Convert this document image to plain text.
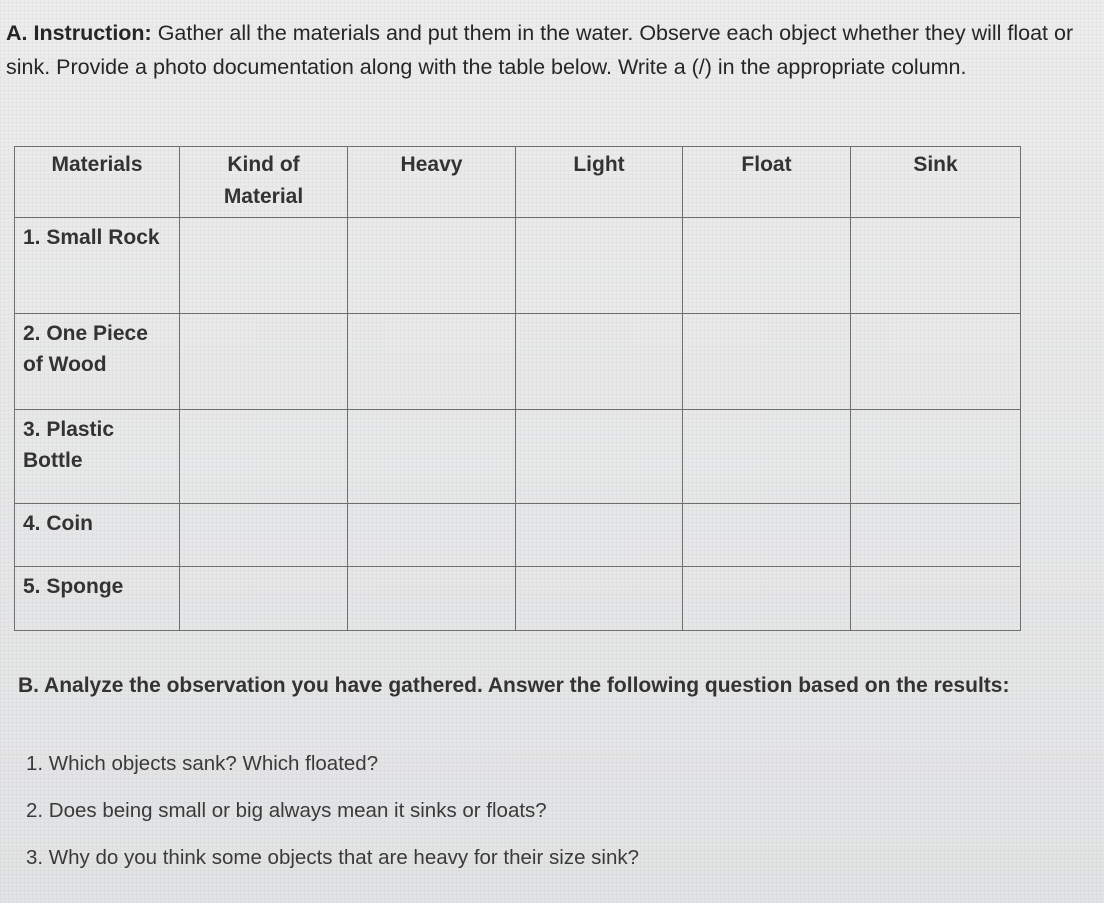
A. Instruction: Gather all the materials and put them in the water. Observe each object whether they will float or sink. Provide a photo documentation along with the table below. Write a (/) in the appropriate column.

Materials	Kind of Material	Heavy	Light	Float	Sink
1. Small Rock					
2. One Piece of Wood					
3. Plastic Bottle					
4. Coin					
5. Sponge					

B. Analyze the observation you have gathered. Answer the following question based on the results:

1. Which objects sank? Which floated?
2. Does being small or big always mean it sinks or floats?
3. Why do you think some objects that are heavy for their size sink?
